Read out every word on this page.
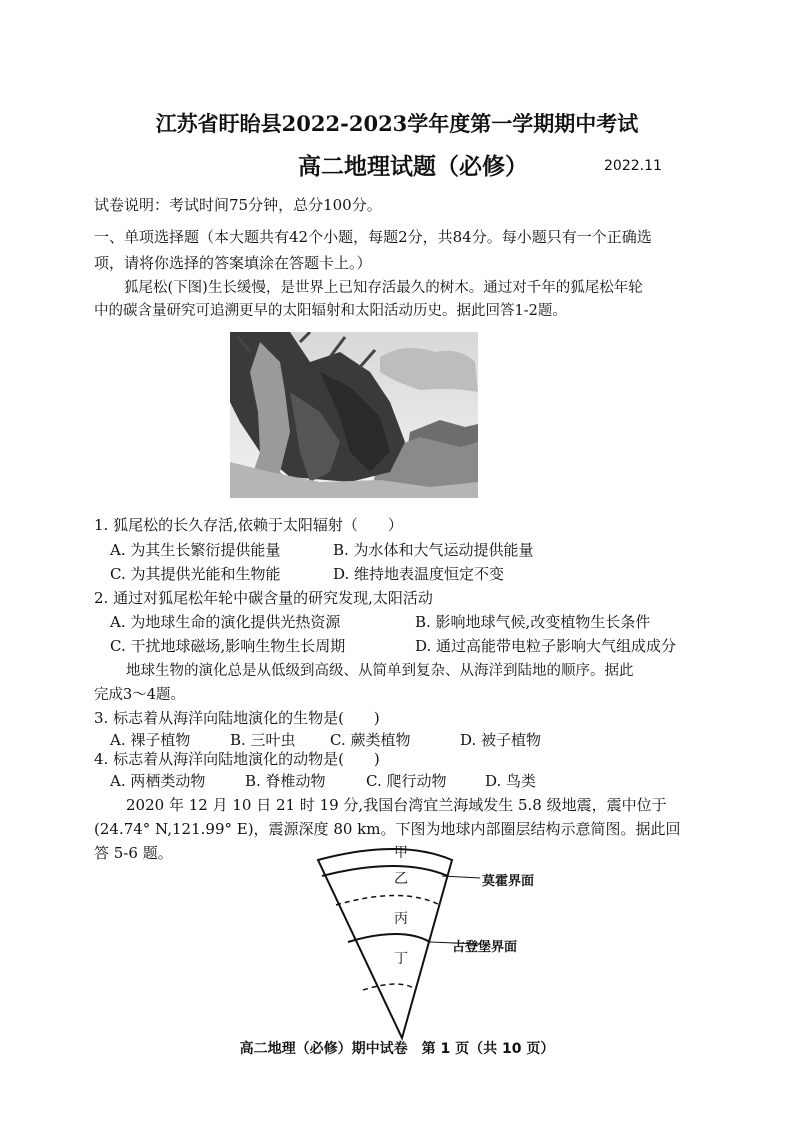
江苏省盱眙县2022-2023学年度第一学期期中考试
高二地理试题（必修）	2022.11
试卷说明：考试时间75分钟，总分100分。
一、单项选择题（本大题共有42个小题，每题2分，共84分。每小题只有一个正确选
项，请将你选择的答案填涂在答题卡上。）
狐尾松(下图)生长缓慢，是世界上已知存活最久的树木。通过对千年的狐尾松年轮
中的碳含量研究可追溯更早的太阳辐射和太阳活动历史。据此回答1-2题。
1. 狐尾松的长久存活,依赖于太阳辐射（　　）
A. 为其生长繁衍提供能量	B. 为水体和大气运动提供能量
C. 为其提供光能和生物能	D. 维持地表温度恒定不变
2. 通过对狐尾松年轮中碳含量的研究发现,太阳活动
A. 为地球生命的演化提供光热资源	B. 影响地球气候,改变植物生长条件
C. 干扰地球磁场,影响生物生长周期	D. 通过高能带电粒子影响大气组成成分
地球生物的演化总是从低级到高级、从简单到复杂、从海洋到陆地的顺序。据此
完成3～4题。
3. 标志着从海洋向陆地演化的生物是(　　)
A. 裸子植物	B. 三叶虫 C. 蕨类植物	D. 被子植物
4. 标志着从海洋向陆地演化的动物是(　　)
A. 两栖类动物	B. 脊椎动物	C. 爬行动物	D. 鸟类
2020 年 12 月 10 日 21 时 19 分,我国台湾宜兰海域发生 5.8 级地震，震中位于
(24.74° N,121.99° E)，震源深度 80 km。下图为地球内部圈层结构示意简图。据此回
答 5-6 题。	甲
乙
丙
丁
莫霍界面
古登堡界面
高二地理（必修）期中试卷　第 1 页（共 10 页）
